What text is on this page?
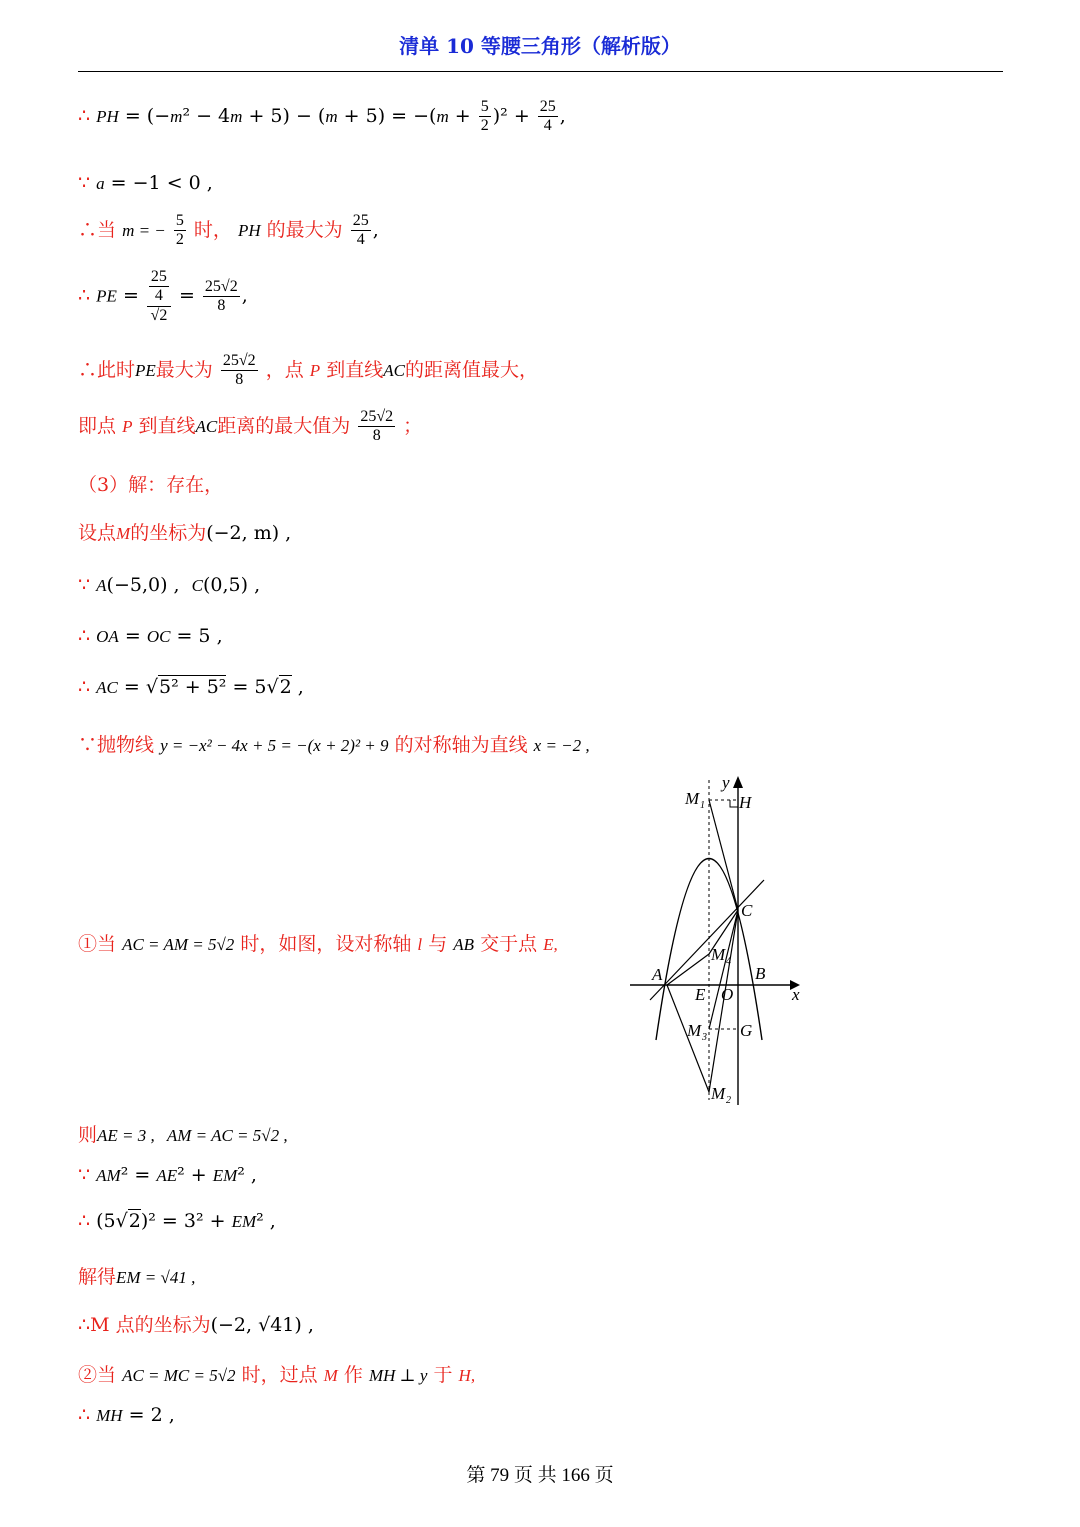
清单 10 等腰三角形（解析版）
∴ PH = $(-m^2 - 4m + 5) - (m + 5) = -(m + \frac{5}{2} )^2 + \frac{25}{4}$ ,
∵ a = −1 < 0 ,
∴当 m = − $\frac{5}{2}$ 时， PH 的最大为 $\frac{25}{4}$ ,
∴ PE = $\frac{\frac{25}{4}}{√2} = \frac{25√2}{8}$ ,
∴此时PE最大为 $\frac{25√2}{8}$ ，点 P 到直线AC的距离值最大，
即点 P 到直线AC距离的最大值为 $\frac{25√2}{8}$ ；
（3）解：存在，
设点M的坐标为(−2, m) ,
∵ A(−5,0) ,  C(0,5) ,
∴ OA = OC = 5 ,
∴ AC = √5² + 5² = 5√2 ,
∵抛物线 y = −x² − 4x + 5 = −(x + 2)² + 9 的对称轴为直线 x = −2 ,
①当 AC = AM = 5√2 时，如图，设对称轴 l 与 AB 交于点 E,
y
x
H
M 1
C
M 4
A	B
E O
M 3 G
M 2
则AE = 3 , AM = AC = 5√2 ,
∵ AM² = AE² + EM² ,
∴ (5√2)² = 3² + EM² ,
解得EM = √41 ,
∴M 点的坐标为(−2, √41) ,
②当 AC = MC = 5√2 时，过点 M 作 MH ⊥ y 于 H,
∴ MH = 2 ,
第 79 页 共 166 页
